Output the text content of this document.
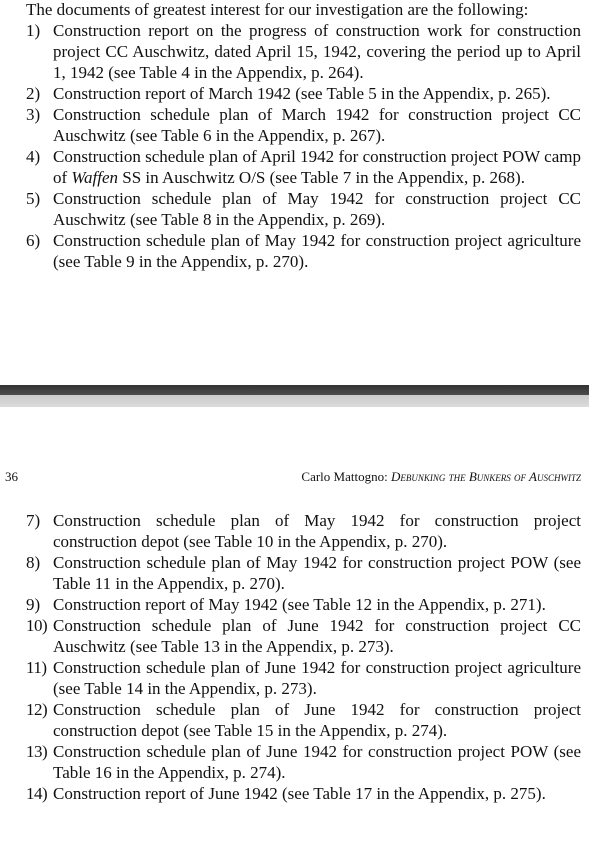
The documents of greatest interest for our investigation are the following:

1) Construction report on the progress of construction work for construction project CC Auschwitz, dated April 15, 1942, covering the period up to April 1, 1942 (see Table 4 in the Appendix, p. 264).
2) Construction report of March 1942 (see Table 5 in the Appendix, p. 265).
3) Construction schedule plan of March 1942 for construction project CC Auschwitz (see Table 6 in the Appendix, p. 267).
4) Construction schedule plan of April 1942 for construction project POW camp of Waffen SS in Auschwitz O/S (see Table 7 in the Appendix, p. 268).
5) Construction schedule plan of May 1942 for construction project CC Auschwitz (see Table 8 in the Appendix, p. 269).
6) Construction schedule plan of May 1942 for construction project agriculture (see Table 9 in the Appendix, p. 270).
36	Carlo Mattogno: Debunking the Bunkers of Auschwitz
7) Construction schedule plan of May 1942 for construction project construction depot (see Table 10 in the Appendix, p. 270).
8) Construction schedule plan of May 1942 for construction project POW (see Table 11 in the Appendix, p. 270).
9) Construction report of May 1942 (see Table 12 in the Appendix, p. 271).
10) Construction schedule plan of June 1942 for construction project CC Auschwitz (see Table 13 in the Appendix, p. 273).
11) Construction schedule plan of June 1942 for construction project agriculture (see Table 14 in the Appendix, p. 273).
12) Construction schedule plan of June 1942 for construction project construction depot (see Table 15 in the Appendix, p. 274).
13) Construction schedule plan of June 1942 for construction project POW (see Table 16 in the Appendix, p. 274).
14) Construction report of June 1942 (see Table 17 in the Appendix, p. 275).
